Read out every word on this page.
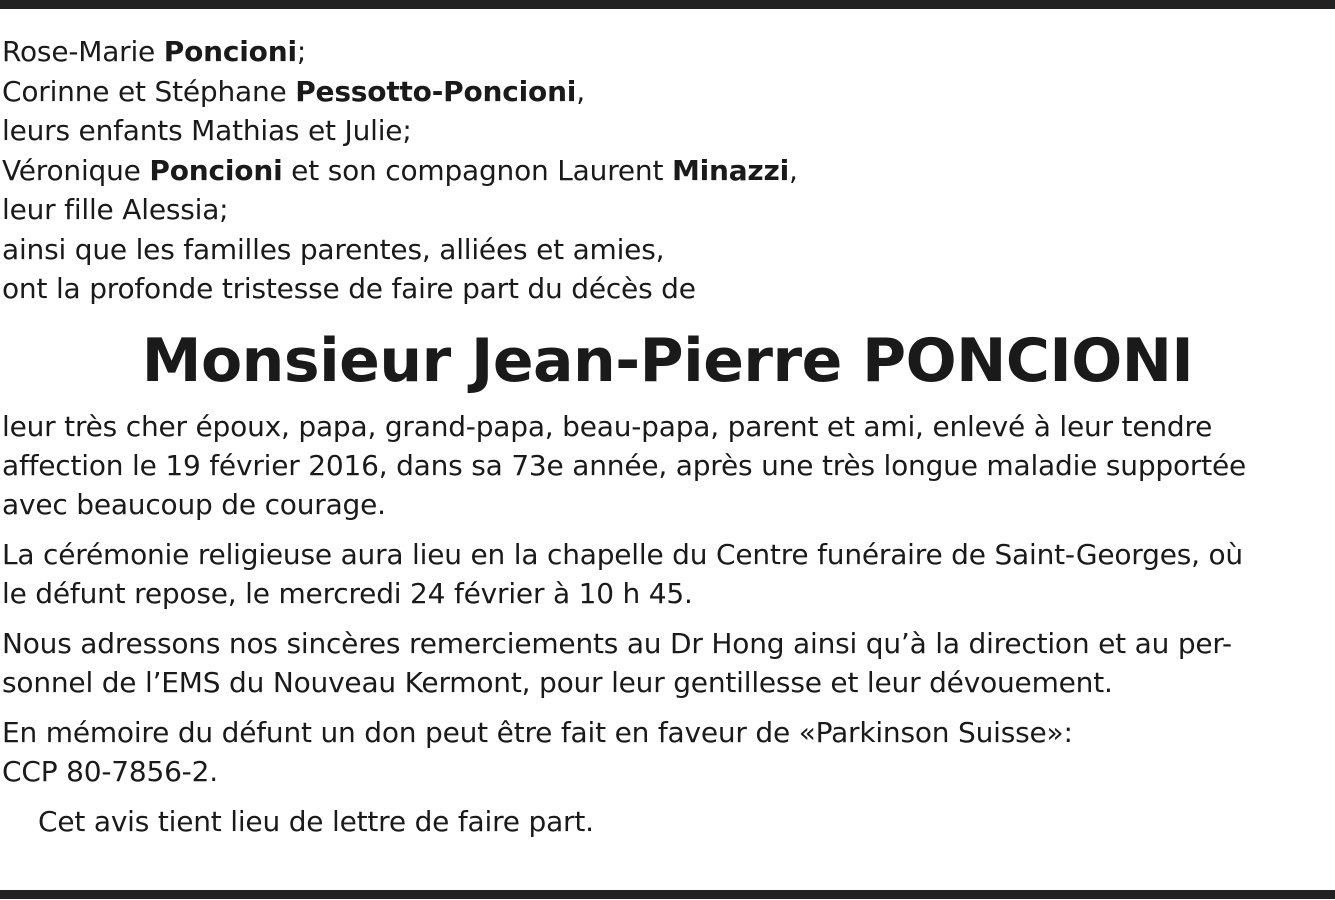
Rose-Marie Poncioni;
Corinne et Stéphane Pessotto-Poncioni,
leurs enfants Mathias et Julie;
Véronique Poncioni et son compagnon Laurent Minazzi,
leur fille Alessia;
ainsi que les familles parentes, alliées et amies,
ont la profonde tristesse de faire part du décès de
Monsieur Jean-Pierre PONCIONI
leur très cher époux, papa, grand-papa, beau-papa, parent et ami, enlevé à leur tendre
affection le 19 février 2016, dans sa 73e année, après une très longue maladie supportée
avec beaucoup de courage.
La cérémonie religieuse aura lieu en la chapelle du Centre funéraire de Saint-Georges, où
le défunt repose, le mercredi 24 février à 10 h 45.
Nous adressons nos sincères remerciements au Dr Hong ainsi qu’à la direction et au per-
sonnel de l’EMS du Nouveau Kermont, pour leur gentillesse et leur dévouement.
En mémoire du défunt un don peut être fait en faveur de «Parkinson Suisse»:
CCP 80-7856-2.
Cet avis tient lieu de lettre de faire part.
